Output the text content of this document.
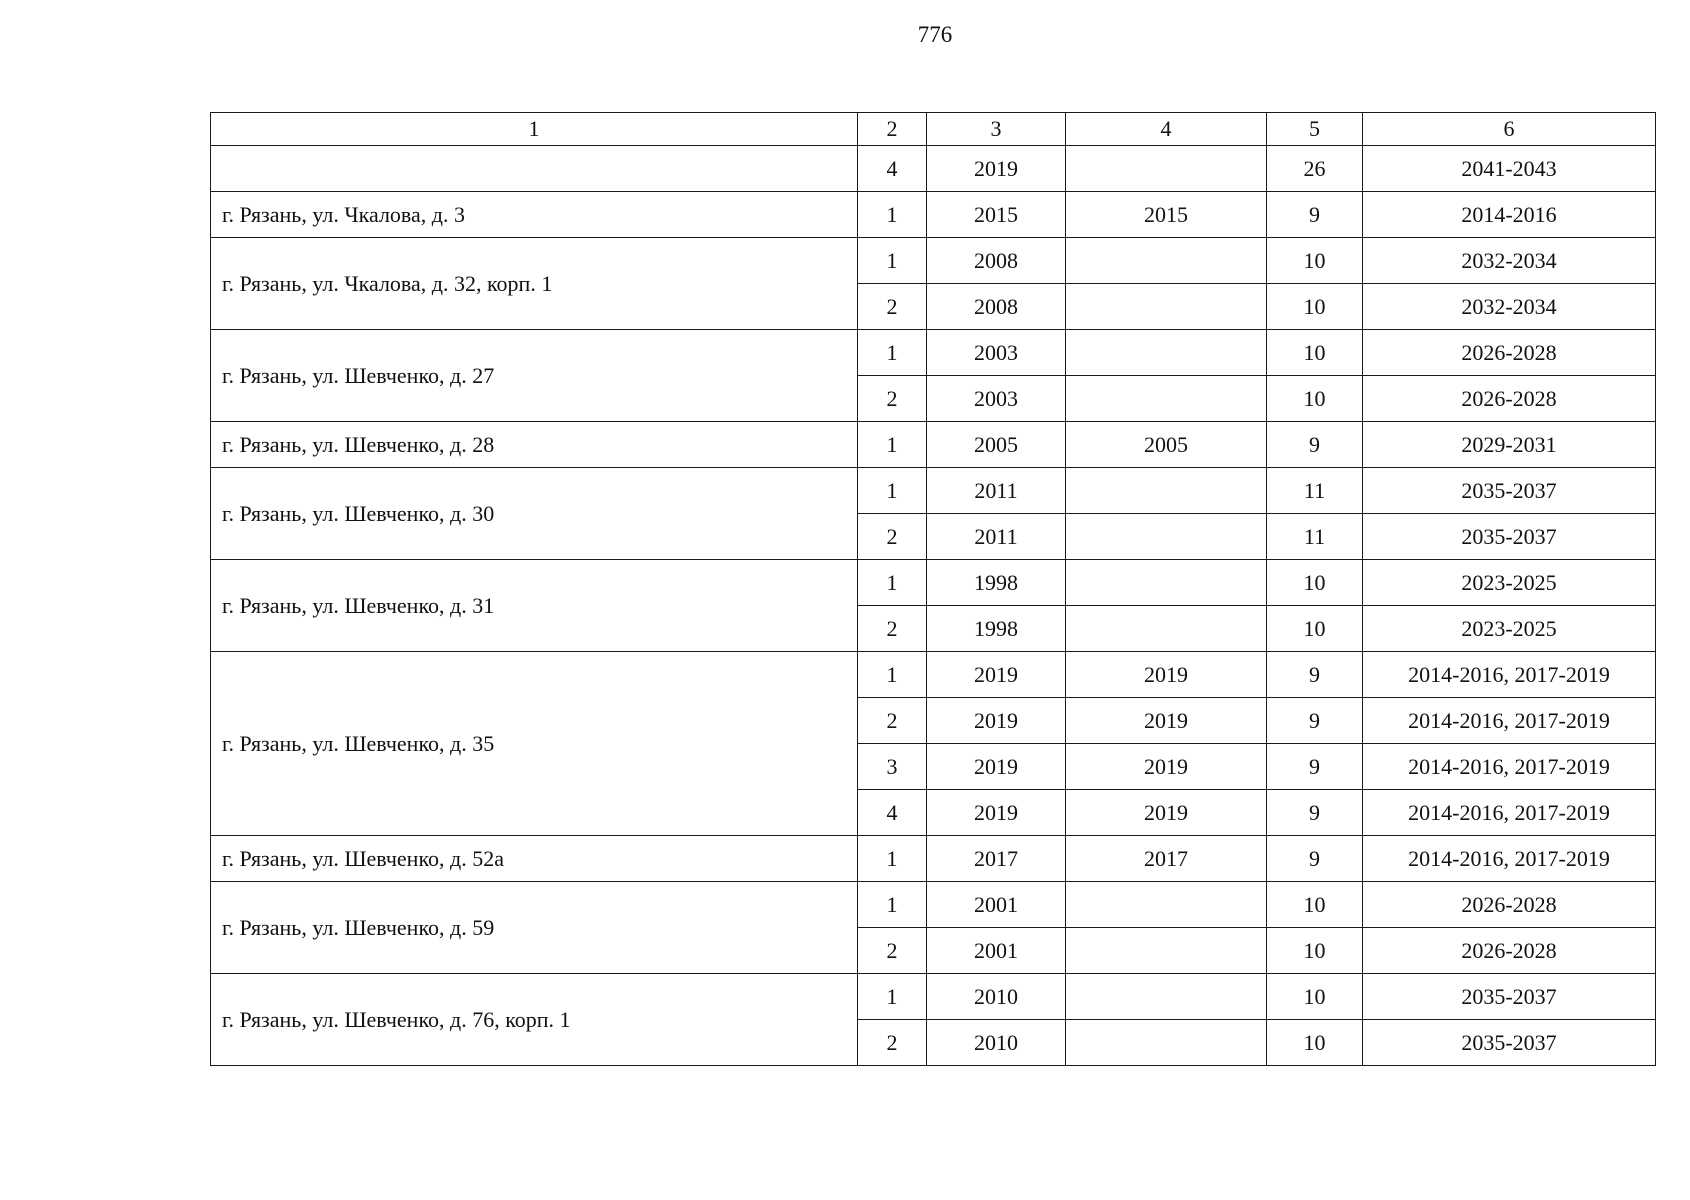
776
1	2	3	4	5	6
	4	2019		26	2041-2043
г. Рязань, ул. Чкалова, д. 3	1	2015	2015	9	2014-2016
г. Рязань, ул. Чкалова, д. 32, корп. 1	1	2008		10	2032-2034
	2	2008		10	2032-2034
г. Рязань, ул. Шевченко, д. 27	1	2003		10	2026-2028
	2	2003		10	2026-2028
г. Рязань, ул. Шевченко, д. 28	1	2005	2005	9	2029-2031
г. Рязань, ул. Шевченко, д. 30	1	2011		11	2035-2037
	2	2011		11	2035-2037
г. Рязань, ул. Шевченко, д. 31	1	1998		10	2023-2025
	2	1998		10	2023-2025
г. Рязань, ул. Шевченко, д. 35	1	2019	2019	9	2014-2016, 2017-2019
	2	2019	2019	9	2014-2016, 2017-2019
	3	2019	2019	9	2014-2016, 2017-2019
	4	2019	2019	9	2014-2016, 2017-2019
г. Рязань, ул. Шевченко, д. 52а	1	2017	2017	9	2014-2016, 2017-2019
г. Рязань, ул. Шевченко, д. 59	1	2001		10	2026-2028
	2	2001		10	2026-2028
г. Рязань, ул. Шевченко, д. 76, корп. 1	1	2010		10	2035-2037
	2	2010		10	2035-2037
